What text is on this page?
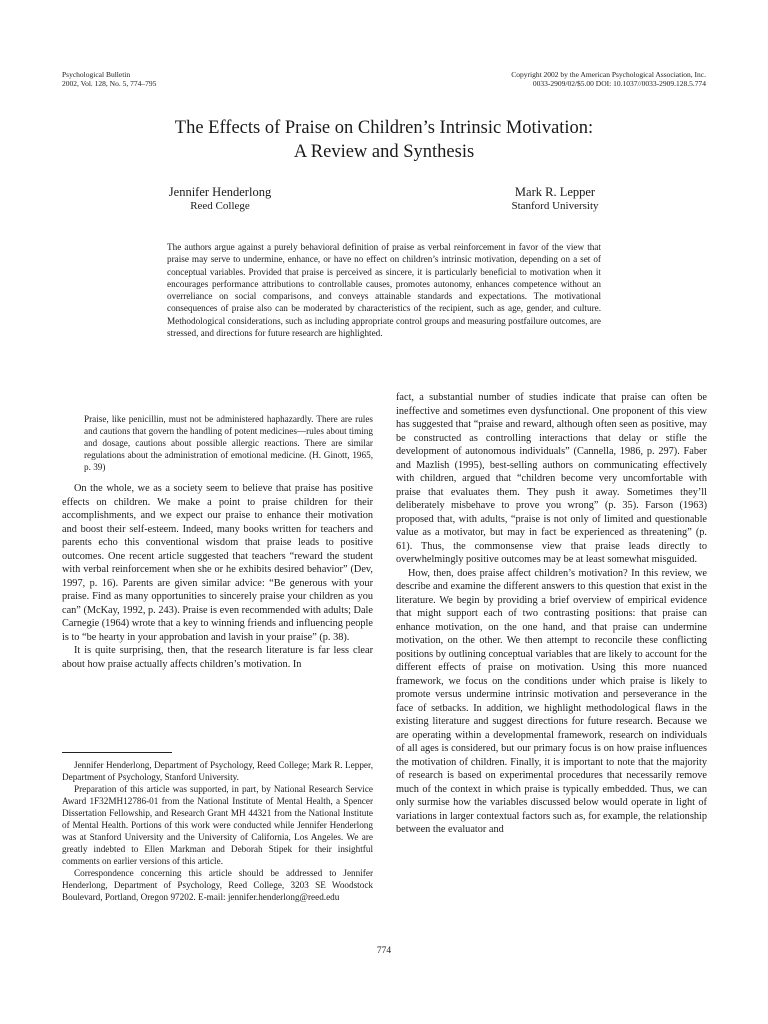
Psychological Bulletin
2002, Vol. 128, No. 5, 774–795
Copyright 2002 by the American Psychological Association, Inc.
0033-2909/02/$5.00 DOI: 10.1037//0033-2909.128.5.774
The Effects of Praise on Children’s Intrinsic Motivation:
A Review and Synthesis
Jennifer Henderlong
Reed College
Mark R. Lepper
Stanford University
The authors argue against a purely behavioral definition of praise as verbal reinforcement in favor of the view that praise may serve to undermine, enhance, or have no effect on children’s intrinsic motivation, depending on a set of conceptual variables. Provided that praise is perceived as sincere, it is particularly beneficial to motivation when it encourages performance attributions to controllable causes, promotes autonomy, enhances competence without an overreliance on social comparisons, and conveys attainable standards and expectations. The motivational consequences of praise also can be moderated by characteristics of the recipient, such as age, gender, and culture. Methodological considerations, such as including appropriate control groups and measuring postfailure outcomes, are stressed, and directions for future research are highlighted.
Praise, like penicillin, must not be administered haphazardly. There are rules and cautions that govern the handling of potent medicines—rules about timing and dosage, cautions about possible allergic reactions. There are similar regulations about the administration of emotional medicine. (H. Ginott, 1965, p. 39)

On the whole, we as a society seem to believe that praise has positive effects on children. We make a point to praise children for their accomplishments, and we expect our praise to enhance their motivation and boost their self-esteem. Indeed, many books written for teachers and parents echo this conventional wisdom that praise leads to positive outcomes. One recent article suggested that teachers “reward the student with verbal reinforcement when she or he exhibits desired behavior” (Dev, 1997, p. 16). Parents are given similar advice: “Be generous with your praise. Find as many opportunities to sincerely praise your children as you can” (McKay, 1992, p. 243). Praise is even recommended with adults; Dale Carnegie (1964) wrote that a key to winning friends and influencing people is to “be hearty in your approbation and lavish in your praise” (p. 38).

It is quite surprising, then, that the research literature is far less clear about how praise actually affects children’s motivation. In

Jennifer Henderlong, Department of Psychology, Reed College; Mark R. Lepper, Department of Psychology, Stanford University.

Preparation of this article was supported, in part, by National Research Service Award 1F32MH12786-01 from the National Institute of Mental Health, a Spencer Dissertation Fellowship, and Research Grant MH 44321 from the National Institute of Mental Health. Portions of this work were conducted while Jennifer Henderlong was at Stanford University and the University of California, Los Angeles. We are greatly indebted to Ellen Markman and Deborah Stipek for their insightful comments on earlier versions of this article.

Correspondence concerning this article should be addressed to Jennifer Henderlong, Department of Psychology, Reed College, 3203 SE Woodstock Boulevard, Portland, Oregon 97202. E-mail: jennifer.henderlong@reed.edu

fact, a substantial number of studies indicate that praise can often be ineffective and sometimes even dysfunctional. One proponent of this view has suggested that “praise and reward, although often seen as positive, may be constructed as controlling interactions that delay or stifle the development of autonomous individuals” (Cannella, 1986, p. 297). Faber and Mazlish (1995), best-selling authors on communicating effectively with children, argued that “children become very uncomfortable with praise that evaluates them. They push it away. Sometimes they’ll deliberately misbehave to prove you wrong” (p. 35). Farson (1963) proposed that, with adults, “praise is not only of limited and questionable value as a motivator, but may in fact be experienced as threatening” (p. 61). Thus, the commonsense view that praise leads directly to overwhelmingly positive outcomes may be at least somewhat misguided.

How, then, does praise affect children’s motivation? In this review, we describe and examine the different answers to this question that exist in the literature. We begin by providing a brief overview of empirical evidence that might support each of two contrasting positions: that praise can enhance motivation, on the one hand, and that praise can undermine motivation, on the other. We then attempt to reconcile these conflicting positions by outlining conceptual variables that are likely to account for the different effects of praise on motivation. Using this more nuanced framework, we focus on the conditions under which praise is likely to promote versus undermine intrinsic motivation and perseverance in the face of setbacks. In addition, we highlight methodological flaws in the existing literature and suggest directions for future research. Because we are operating within a developmental framework, research on individuals of all ages is considered, but our primary focus is on how praise influences the motivation of children. Finally, it is important to note that the majority of research is based on experimental procedures that necessarily remove much of the context in which praise is typically embedded. Thus, we can only surmise how the variables discussed below would operate in light of variations in larger contextual factors such as, for example, the relationship between the evaluator and

774
